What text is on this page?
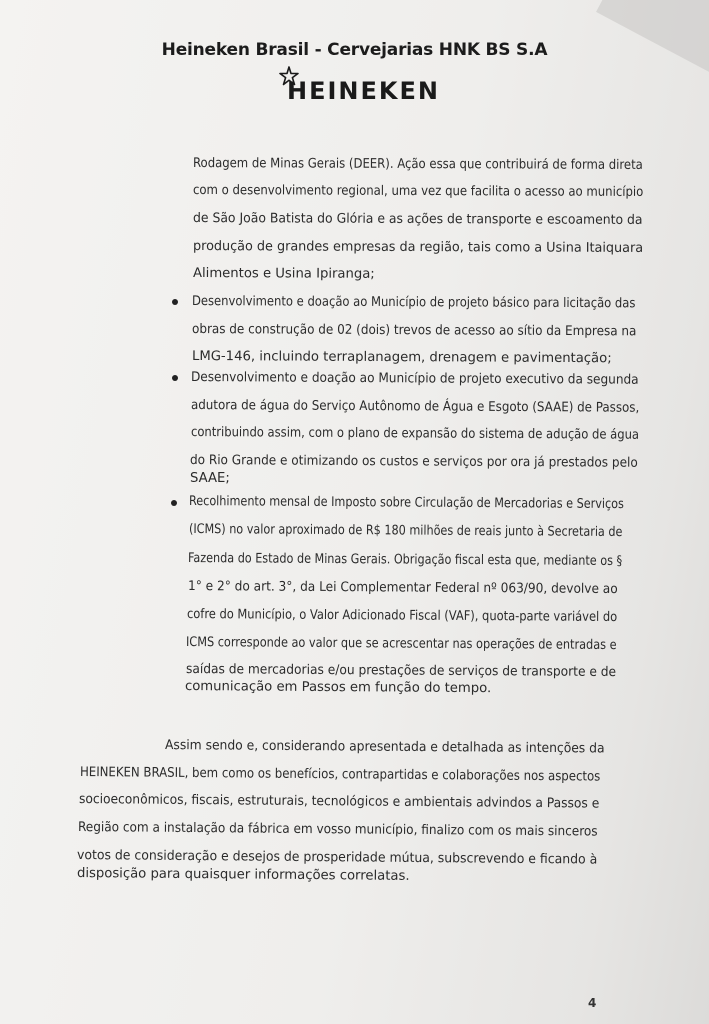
Heineken Brasil - Cervejarias HNK BS S.A
HEINEKEN
Rodagem de Minas Gerais (DEER). Ação essa que contribuirá de forma direta
com o desenvolvimento regional, uma vez que facilita o acesso ao município
de São João Batista do Glória e as ações de transporte e escoamento da
produção de grandes empresas da região, tais como a Usina Itaiquara
Alimentos e Usina Ipiranga;
Desenvolvimento e doação ao Município de projeto básico para licitação das
obras de construção de 02 (dois) trevos de acesso ao sítio da Empresa na
LMG-146, incluindo terraplanagem, drenagem e pavimentação;
Desenvolvimento e doação ao Município de projeto executivo da segunda
adutora de água do Serviço Autônomo de Água e Esgoto (SAAE) de Passos,
contribuindo assim, com o plano de expansão do sistema de adução de água
do Rio Grande e otimizando os custos e serviços por ora já prestados pelo
SAAE;
Recolhimento mensal de Imposto sobre Circulação de Mercadorias e Serviços
(ICMS) no valor aproximado de R$ 180 milhões de reais junto à Secretaria de
Fazenda do Estado de Minas Gerais. Obrigação fiscal esta que, mediante os §
1° e 2° do art. 3°, da Lei Complementar Federal nº 063/90, devolve ao
cofre do Município, o Valor Adicionado Fiscal (VAF), quota-parte variável do
ICMS corresponde ao valor que se acrescentar nas operações de entradas e
saídas de mercadorias e/ou prestações de serviços de transporte e de
comunicação em Passos em função do tempo.
Assim sendo e, considerando apresentada e detalhada as intenções da
HEINEKEN BRASIL, bem como os benefícios, contrapartidas e colaborações nos aspectos
socioeconômicos, fiscais, estruturais, tecnológicos e ambientais advindos a Passos e
Região com a instalação da fábrica em vosso município, finalizo com os mais sinceros
votos de consideração e desejos de prosperidade mútua, subscrevendo e ficando à
disposição para quaisquer informações correlatas.
4
